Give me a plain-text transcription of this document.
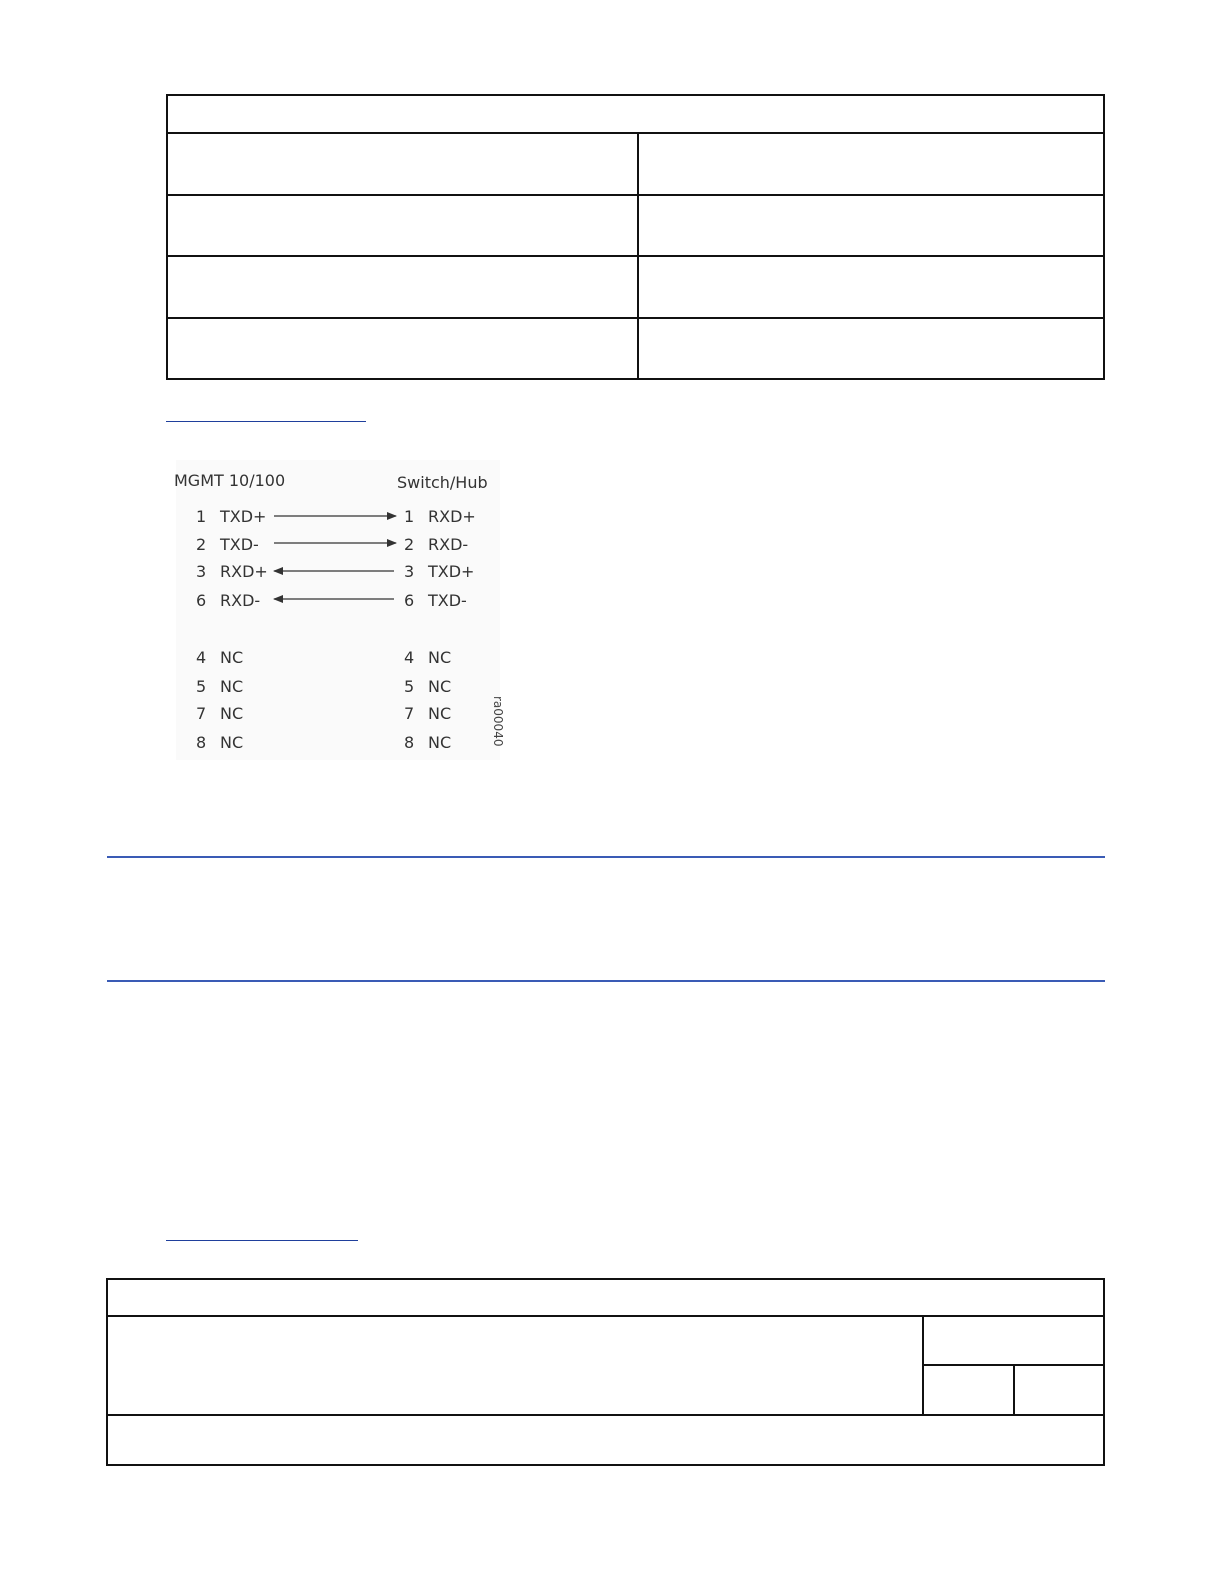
MGMT 10/100	Switch/Hub
1 TXD+	1 RXD+
2 TXD-	2 RXD-
3 RXD+	3 TXD+
6 RXD-	6 TXD-
4 NC	4 NC
5 NC	5 NC
7 NC	7 NC
8 NC	8 NC	ra00040
